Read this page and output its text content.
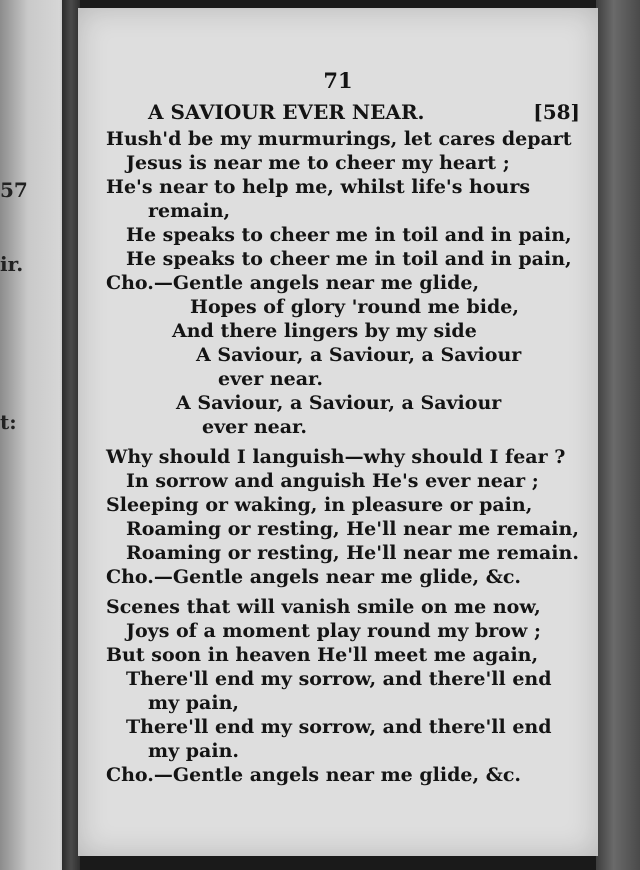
57
ir.
t:
71
A SAVIOUR EVER NEAR.	[58]
Hush'd be my murmurings, let cares depart
Jesus is near me to cheer my heart ;
He's near to help me, whilst life's hours
remain,
He speaks to cheer me in toil and in pain,
He speaks to cheer me in toil and in pain,
Cho.—Gentle angels near me glide,
Hopes of glory 'round me bide,
And there lingers by my side
A Saviour, a Saviour, a Saviour
ever near.
A Saviour, a Saviour, a Saviour
ever near.
Why should I languish—why should I fear ?
In sorrow and anguish He's ever near ;
Sleeping or waking, in pleasure or pain,
Roaming or resting, He'll near me remain,
Roaming or resting, He'll near me remain.
Cho.—Gentle angels near me glide, &c.
Scenes that will vanish smile on me now,
Joys of a moment play round my brow ;
But soon in heaven He'll meet me again,
There'll end my sorrow, and there'll end
my pain,
There'll end my sorrow, and there'll end
my pain.
Cho.—Gentle angels near me glide, &c.
